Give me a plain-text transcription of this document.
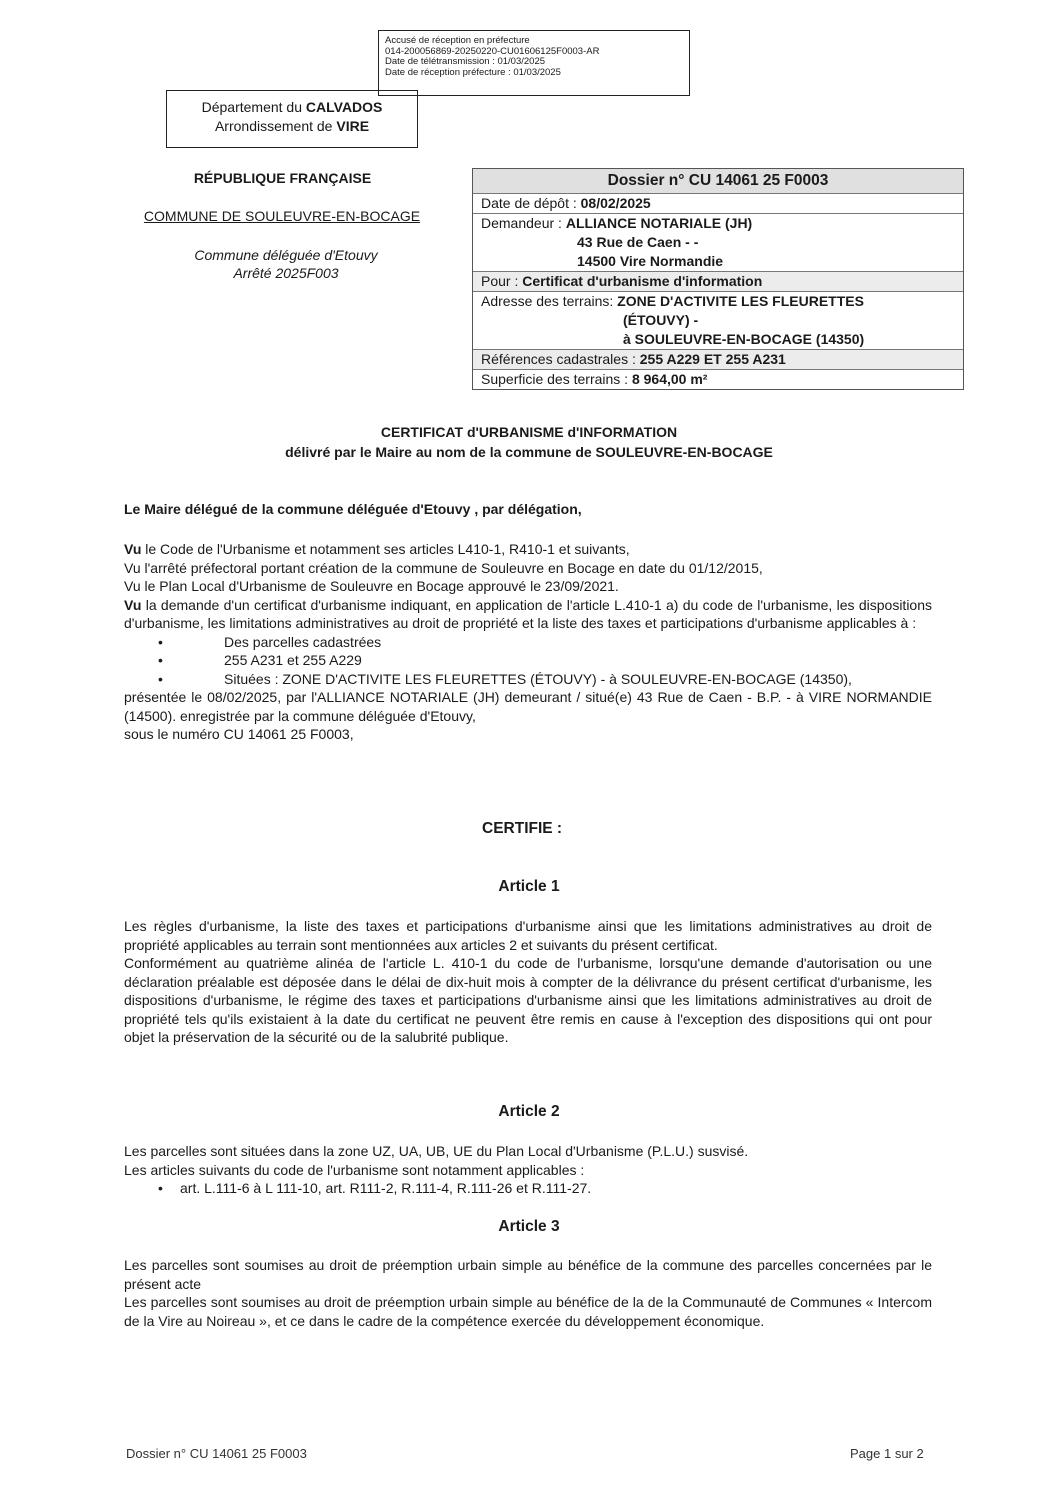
Accusé de réception en préfecture
014-200056869-20250220-CU01606125F0003-AR
Date de télétransmission : 01/03/2025
Date de réception préfecture : 01/03/2025
Département du CALVADOS
Arrondissement de VIRE
RÉPUBLIQUE FRANÇAISE
COMMUNE DE SOULEUVRE-EN-BOCAGE
Commune déléguée d'Etouvy
Arrêté 2025F003
Dossier n° CU 14061 25 F0003
Date de dépôt : 08/02/2025
Demandeur : ALLIANCE NOTARIALE (JH)
43 Rue de Caen - -
14500 Vire Normandie
Pour : Certificat d'urbanisme d'information
Adresse des terrains: ZONE D'ACTIVITE LES FLEURETTES
(ÉTOUVY) -
à SOULEUVRE-EN-BOCAGE (14350)
Références cadastrales : 255 A229 ET 255 A231
Superficie des terrains : 8 964,00 m²
CERTIFICAT d'URBANISME d'INFORMATION
délivré par le Maire au nom de la commune de SOULEUVRE-EN-BOCAGE
Le Maire délégué de la commune déléguée d'Etouvy , par délégation,

Vu le Code de l'Urbanisme et notamment ses articles L410-1, R410-1 et suivants,

Vu l'arrêté préfectoral portant création de la commune de Souleuvre en Bocage en date du 01/12/2015,

Vu le Plan Local d'Urbanisme de Souleuvre en Bocage approuvé le 23/09/2021.

Vu la demande d'un certificat d'urbanisme indiquant, en application de l'article L.410-1 a) du code de l'urbanisme, les dispositions d'urbanisme, les limitations administratives au droit de propriété et la liste des taxes et participations d'urbanisme applicables à :

• Des parcelles cadastrées

• 255 A231 et 255 A229

• Situées : ZONE D'ACTIVITE LES FLEURETTES (ÉTOUVY) - à SOULEUVRE-EN-BOCAGE (14350),

présentée le 08/02/2025, par l'ALLIANCE NOTARIALE (JH) demeurant / situé(e) 43 Rue de Caen - B.P. - à VIRE NORMANDIE (14500). enregistrée par la commune déléguée d'Etouvy,

sous le numéro CU 14061 25 F0003,

CERTIFIE :
Article 1

Les règles d'urbanisme, la liste des taxes et participations d'urbanisme ainsi que les limitations administratives au droit de propriété applicables au terrain sont mentionnées aux articles 2 et suivants du présent certificat.

Conformément au quatrième alinéa de l'article L. 410-1 du code de l'urbanisme, lorsqu'une demande d'autorisation ou une déclaration préalable est déposée dans le délai de dix-huit mois à compter de la délivrance du présent certificat d'urbanisme, les dispositions d'urbanisme, le régime des taxes et participations d'urbanisme ainsi que les limitations administratives au droit de propriété tels qu'ils existaient à la date du certificat ne peuvent être remis en cause à l'exception des dispositions qui ont pour objet la préservation de la sécurité ou de la salubrité publique.

Article 2

Les parcelles sont situées dans la zone UZ, UA, UB, UE du Plan Local d'Urbanisme (P.L.U.) susvisé.

Les articles suivants du code de l'urbanisme sont notamment applicables :

• art. L.111-6 à L 111-10, art. R111-2, R.111-4, R.111-26 et R.111-27.

Article 3

Les parcelles sont soumises au droit de préemption urbain simple au bénéfice de la commune des parcelles concernées par le présent acte

Les parcelles sont soumises au droit de préemption urbain simple au bénéfice de la de la Communauté de Communes « Intercom de la Vire au Noireau », et ce dans le cadre de la compétence exercée du développement économique.

Dossier n° CU 14061 25 F0003	Page 1 sur 2
